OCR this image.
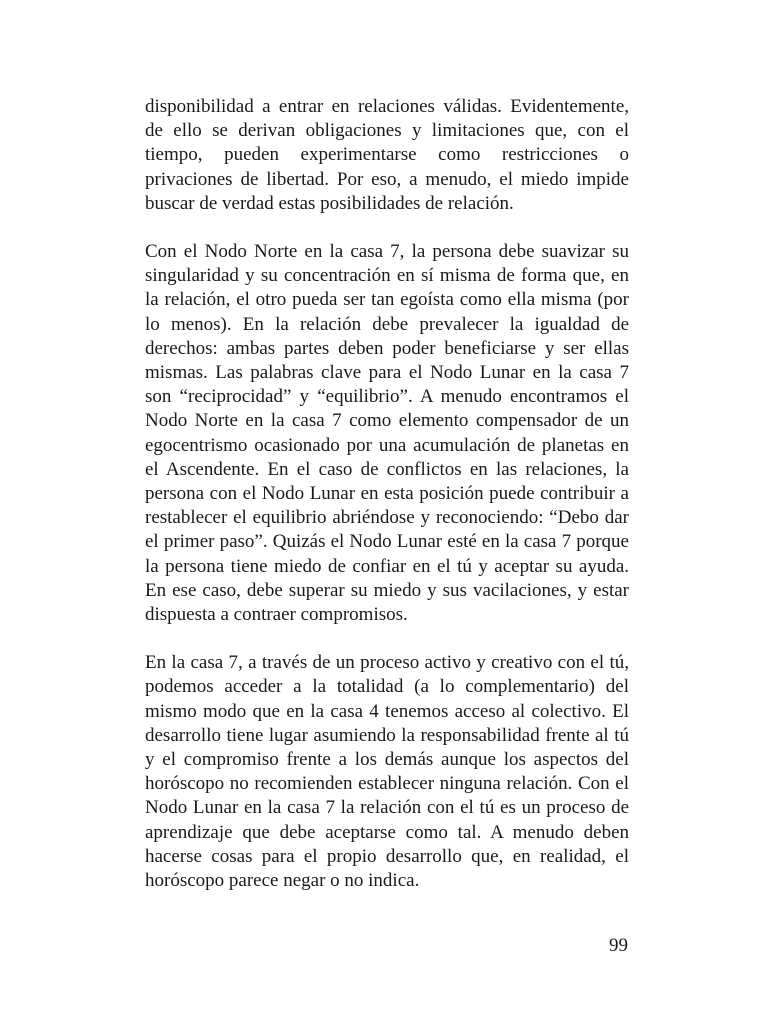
disponibilidad a entrar en relaciones válidas. Evidentemente, de ello se derivan obligaciones y limitaciones que, con el tiempo, pueden experimentarse como restricciones o privaciones de libertad. Por eso, a menudo, el miedo impide buscar de verdad estas posibilidades de relación.

Con el Nodo Norte en la casa 7, la persona debe suavizar su singularidad y su concentración en sí misma de forma que, en la relación, el otro pueda ser tan egoísta como ella misma (por lo menos). En la relación debe prevalecer la igualdad de derechos: ambas partes deben poder beneficiarse y ser ellas mismas. Las palabras clave para el Nodo Lunar en la casa 7 son “reciprocidad” y “equilibrio”. A menudo encontramos el Nodo Norte en la casa 7 como elemento compensador de un egocentrismo ocasionado por una acumulación de planetas en el Ascendente. En el caso de conflictos en las relaciones, la persona con el Nodo Lunar en esta posición puede contribuir a restablecer el equilibrio abriéndose y reconociendo: “Debo dar el primer paso”. Quizás el Nodo Lunar esté en la casa 7 porque la persona tiene miedo de confiar en el tú y aceptar su ayuda. En ese caso, debe superar su miedo y sus vacilaciones, y estar dispuesta a contraer compromisos.

En la casa 7, a través de un proceso activo y creativo con el tú, podemos acceder a la totalidad (a lo complementario) del mismo modo que en la casa 4 tenemos acceso al colectivo. El desarrollo tiene lugar asumiendo la responsabilidad frente al tú y el compromiso frente a los demás aunque los aspectos del horóscopo no recomienden establecer ninguna relación. Con el Nodo Lunar en la casa 7 la relación con el tú es un proceso de aprendizaje que debe aceptarse como tal. A menudo deben hacerse cosas para el propio desarrollo que, en realidad, el horóscopo parece negar o no indica.

99
